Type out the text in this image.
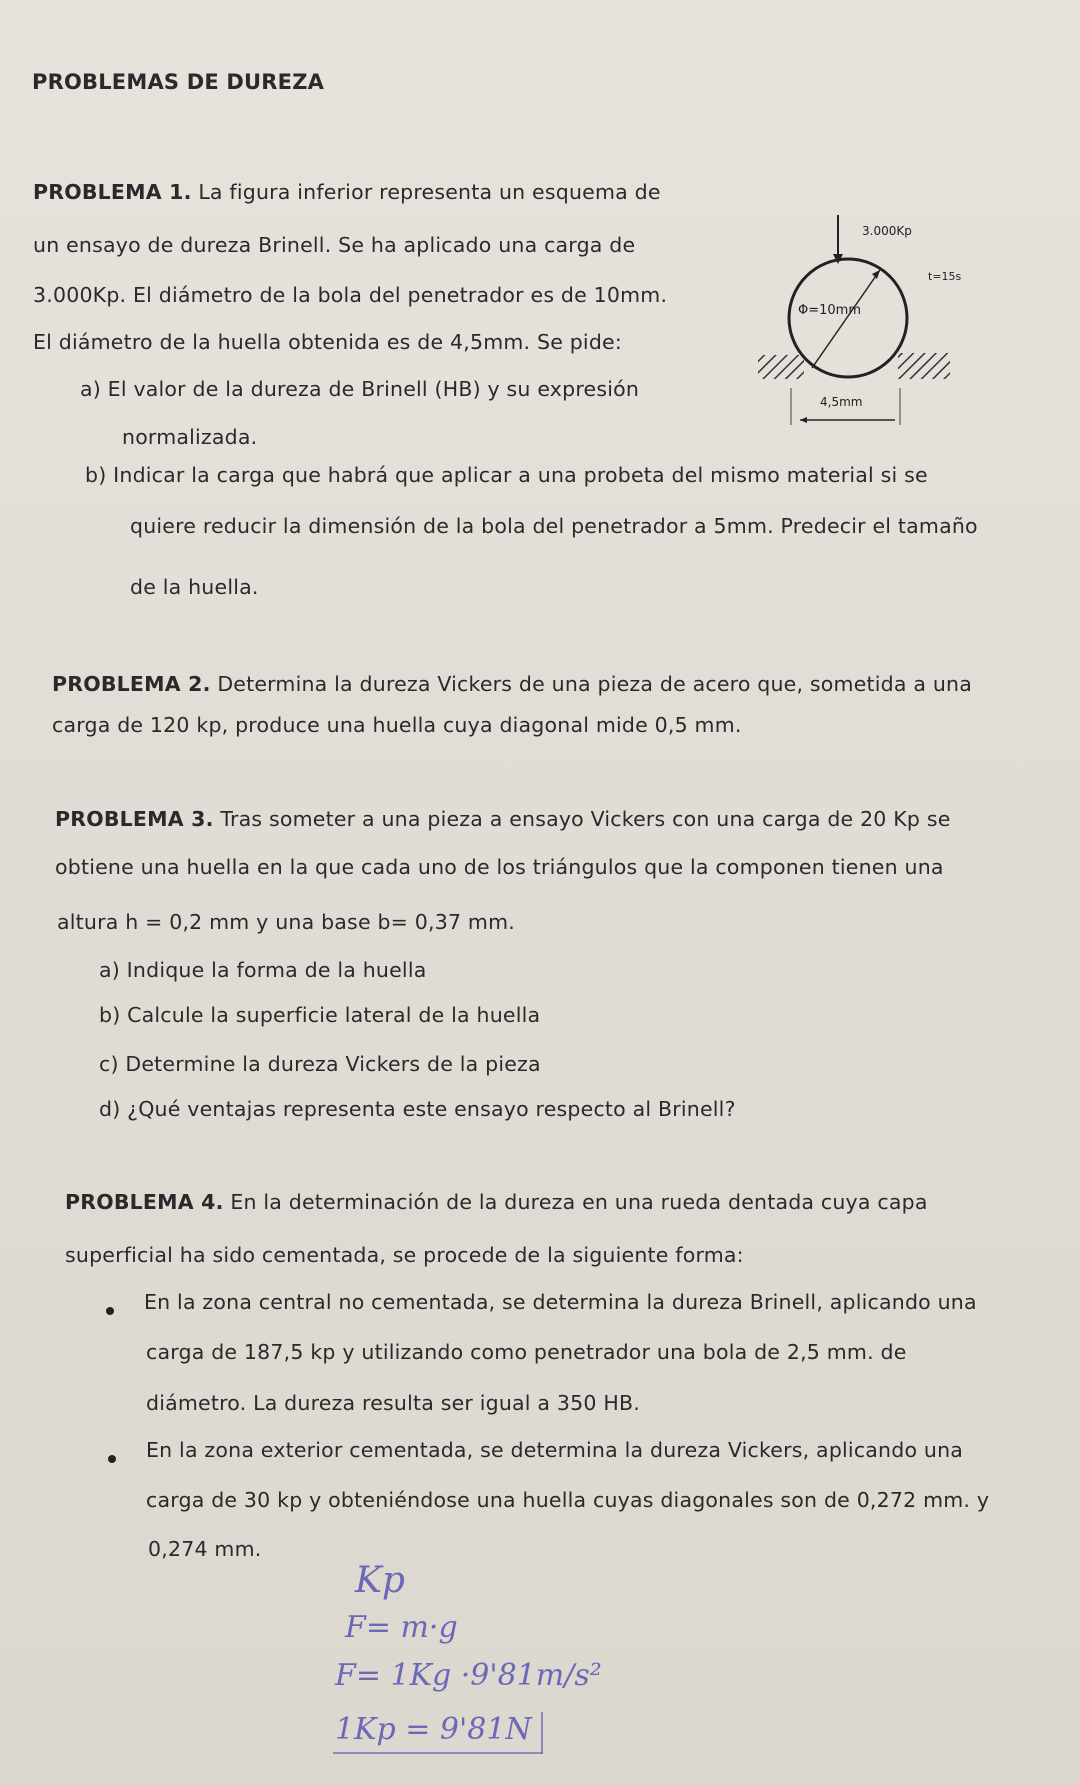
PROBLEMAS DE DUREZA

PROBLEMA 1. La figura inferior representa un esquema de

un ensayo de dureza Brinell. Se ha aplicado una carga de

3.000Kp. El diámetro de la bola del penetrador es de 10mm.

El diámetro de la huella obtenida es de 4,5mm. Se pide:

a) El valor de la dureza de Brinell (HB) y su expresión

normalizada.

b) Indicar la carga que habrá que aplicar a una probeta del mismo material si se

quiere reducir la dimensión de la bola del penetrador a 5mm. Predecir el tamaño

de la huella.

3.000Kp
t=15s
Φ=10mm
4,5mm

PROBLEMA 2. Determina la dureza Vickers de una pieza de acero que, sometida a una

carga de 120 kp, produce una huella cuya diagonal mide 0,5 mm.

PROBLEMA 3. Tras someter a una pieza a ensayo Vickers con una carga de 20 Kp se

obtiene una huella en la que cada uno de los triángulos que la componen tienen una

altura h = 0,2 mm y una base b= 0,37 mm.

a) Indique la forma de la huella

b) Calcule la superficie lateral de la huella

c) Determine la dureza Vickers de la pieza

d) ¿Qué ventajas representa este ensayo respecto al Brinell?

PROBLEMA 4. En la determinación de la dureza en una rueda dentada cuya capa

superficial ha sido cementada, se procede de la siguiente forma:

En la zona central no cementada, se determina la dureza Brinell, aplicando una

carga de 187,5 kp y utilizando como penetrador una bola de 2,5 mm. de

diámetro. La dureza resulta ser igual a 350 HB.

En la zona exterior cementada, se determina la dureza Vickers, aplicando una

carga de 30 kp y obteniéndose una huella cuyas diagonales son de 0,272 mm. y

0,274 mm.

Kp

F= m·g

F= 1Kg ·9'81m/s²

1Kp = 9'81N
